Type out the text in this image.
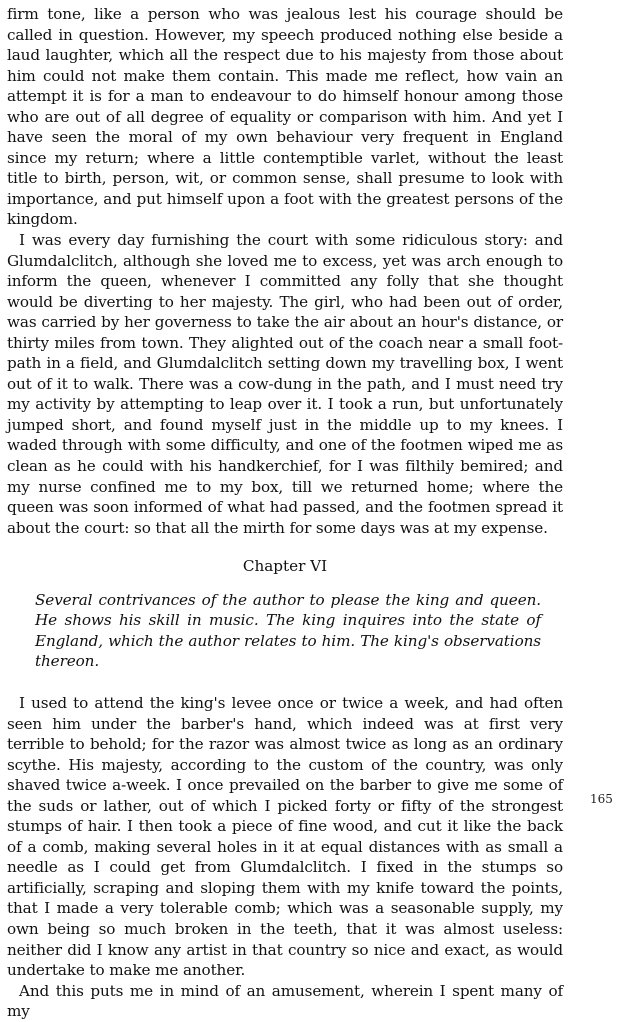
firm tone, like a person who was jealous lest his courage should be called in question. However, my speech produced nothing else beside a laud laughter, which all the respect due to his majesty from those about him could not make them contain. This made me reflect, how vain an attempt it is for a man to endeavour to do himself honour among those who are out of all degree of equality or comparison with him. And yet I have seen the moral of my own behaviour very frequent in England since my return; where a little contemptible varlet, without the least title to birth, person, wit, or common sense, shall presume to look with importance, and put himself upon a foot with the greatest persons of the kingdom.

I was every day furnishing the court with some ridiculous story: and Glumdalclitch, although she loved me to excess, yet was arch enough to inform the queen, whenever I committed any folly that she thought would be diverting to her majesty. The girl, who had been out of order, was carried by her governess to take the air about an hour's distance, or thirty miles from town. They alighted out of the coach near a small foot-path in a field, and Glumdalclitch setting down my travelling box, I went out of it to walk. There was a cow-dung in the path, and I must need try my activity by attempting to leap over it. I took a run, but unfortunately jumped short, and found myself just in the middle up to my knees. I waded through with some difficulty, and one of the footmen wiped me as clean as he could with his handkerchief, for I was filthily bemired; and my nurse confined me to my box, till we returned home; where the queen was soon informed of what had passed, and the footmen spread it about the court: so that all the mirth for some days was at my expense.

Chapter VI

Several contrivances of the author to please the king and queen. He shows his skill in music. The king inquires into the state of England, which the author relates to him. The king's observations thereon.

I used to attend the king's levee once or twice a week, and had often seen him under the barber's hand, which indeed was at first very terrible to behold; for the razor was almost twice as long as an ordinary scythe. His majesty, according to the custom of the country, was only shaved twice a-week. I once prevailed on the barber to give me some of the suds or lather, out of which I picked forty or fifty of the strongest stumps of hair. I then took a piece of fine wood, and cut it like the back of a comb, making several holes in it at equal distances with as small a needle as I could get from Glumdalclitch. I fixed in the stumps so artificially, scraping and sloping them with my knife toward the points, that I made a very tolerable comb; which was a seasonable supply, my own being so much broken in the teeth, that it was almost useless: neither did I know any artist in that country so nice and exact, as would undertake to make me another.

And this puts me in mind of an amusement, wherein I spent many of my

165
